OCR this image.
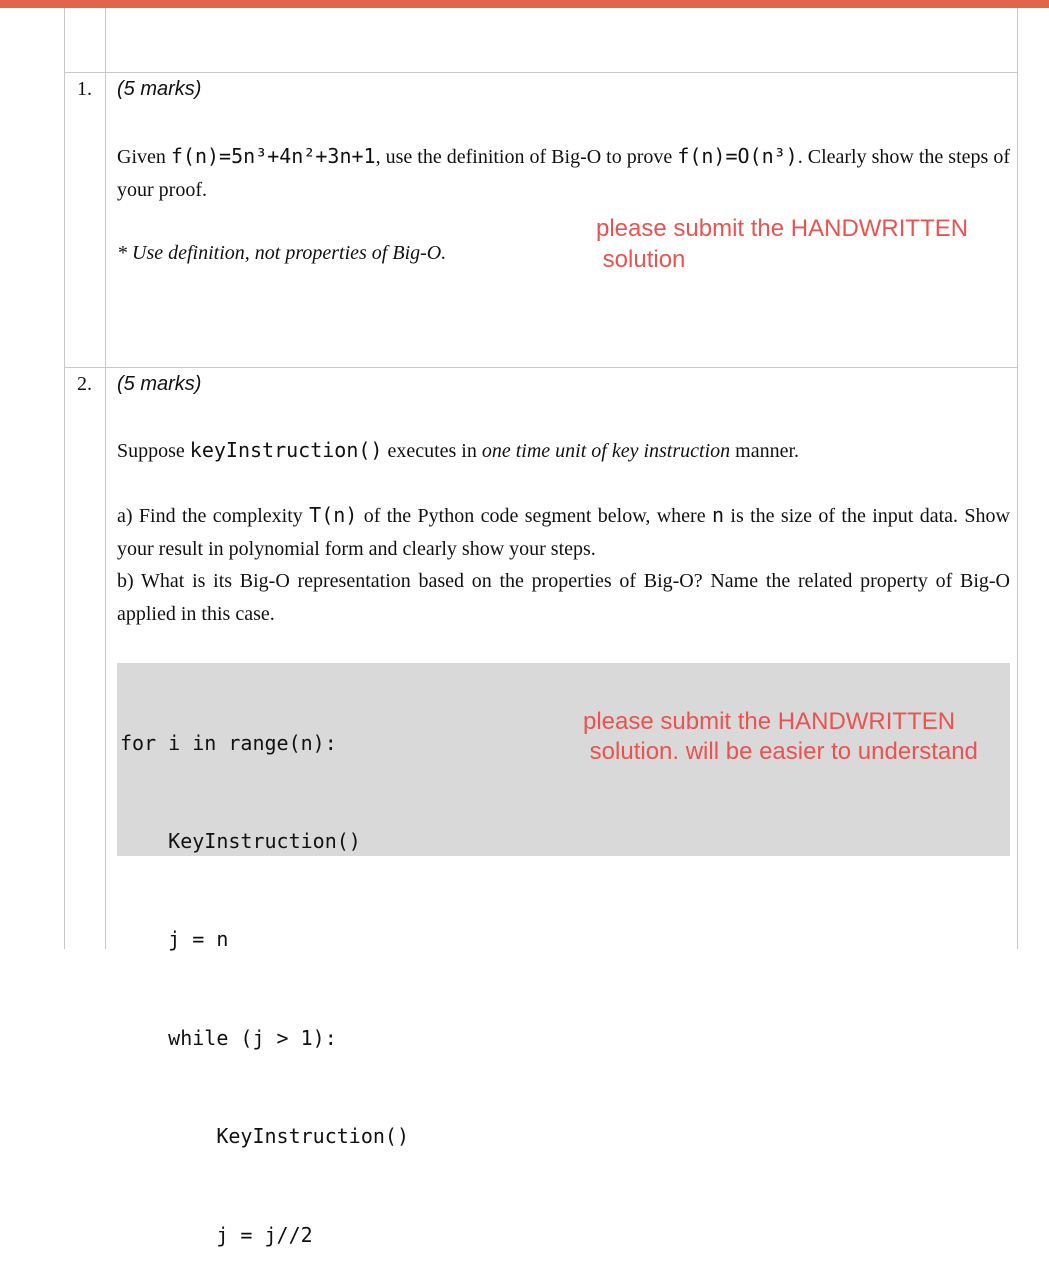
1.	(5 marks)
Given f(n)=5n³+4n²+3n+1, use the definition of Big-O to prove f(n)=O(n³). Clearly show the steps of your proof.
* Use definition, not properties of Big-O.
please submit the HANDWRITTEN
solution
2.	(5 marks)
Suppose keyInstruction() executes in one time unit of key instruction manner.
a) Find the complexity T(n) of the Python code segment below, where n is the size of the input data. Show your result in polynomial form and clearly show your steps.
b) What is its Big-O representation based on the properties of Big-O? Name the related property of Big-O applied in this case.

for i in range(n):

KeyInstruction()

j = n

while (j > 1):

KeyInstruction()

j = j//2

please submit the HANDWRITTEN
solution. will be easier to understand
